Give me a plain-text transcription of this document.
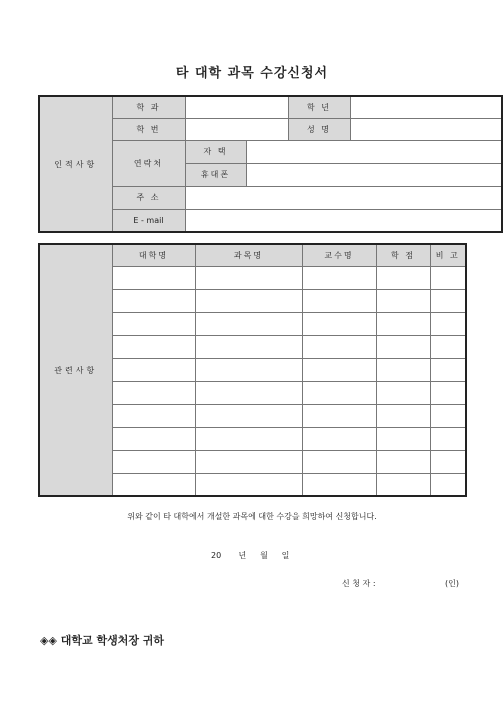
타 대학 과목 수강신청서
인적사항	학 과			학 년	
	학 번			성 명	
	연락처	자 택			
		휴대폰			
	주 소				
	E - mail				
관련사항	대학명	과목명	교수명	학 점	비 고

위와 같이 타 대학에서 개설한 과목에 대한 수강을 희망하여 신청합니다.
20 년 월 일
신 청 자 :	(인)
◈◈ 대학교 학생처장 귀하
